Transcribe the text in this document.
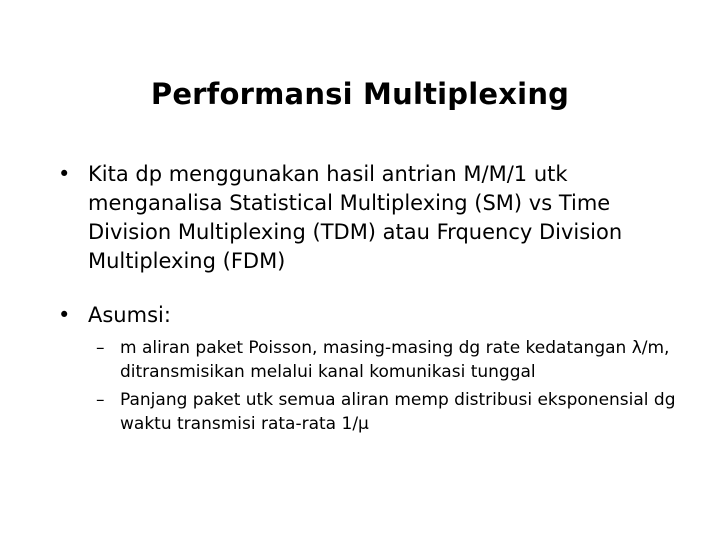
Performansi Multiplexing
• Kita dp menggunakan hasil antrian M/M/1 utk menganalisa Statistical Multiplexing (SM) vs Time Division Multiplexing (TDM) atau Frquency Division Multiplexing (FDM)
• Asumsi:
– m aliran paket Poisson, masing-masing dg rate kedatangan λ/m, ditransmisikan melalui kanal komunikasi tunggal
– Panjang paket utk semua aliran memp distribusi eksponensial dg waktu transmisi rata-rata 1/μ
